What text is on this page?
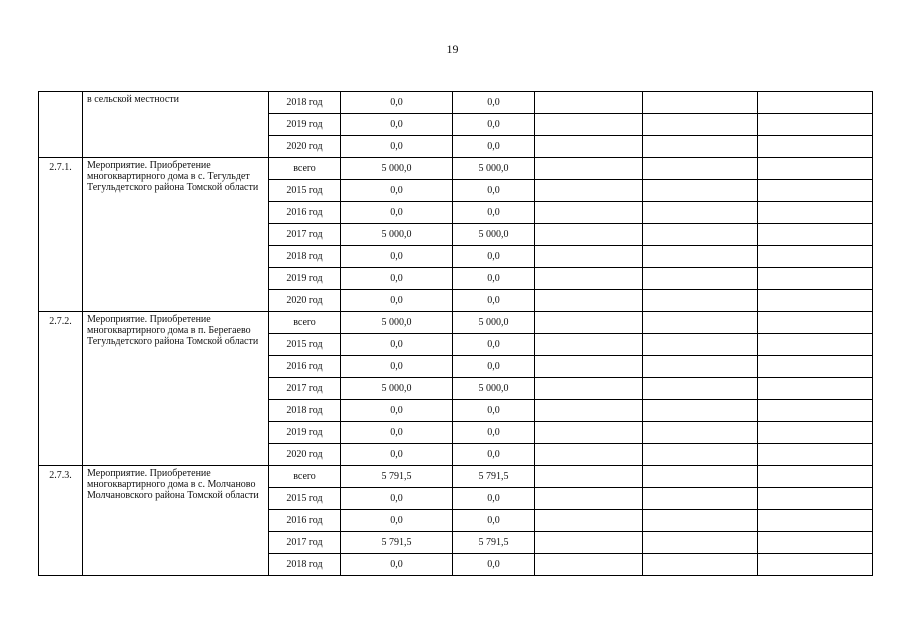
19
	в сельской местности	2018 год	0,0	0,0			
		2019 год	0,0	0,0			
		2020 год	0,0	0,0			
2.7.1.	Мероприятие. Приобретение многоквартирного дома в с. Тегульдет Тегульдетского района Томской области	всего	5 000,0	5 000,0			
		2015 год	0,0	0,0			
		2016 год	0,0	0,0			
		2017 год	5 000,0	5 000,0			
		2018 год	0,0	0,0			
		2019 год	0,0	0,0			
		2020 год	0,0	0,0			
2.7.2.	Мероприятие. Приобретение многоквартирного дома в п. Берегаево Тегульдетского района Томской области	всего	5 000,0	5 000,0			
		2015 год	0,0	0,0			
		2016 год	0,0	0,0			
		2017 год	5 000,0	5 000,0			
		2018 год	0,0	0,0			
		2019 год	0,0	0,0			
		2020 год	0,0	0,0			
2.7.3.	Мероприятие. Приобретение многоквартирного дома в с. Молчаново Молчановского района Томской области	всего	5 791,5	5 791,5			
		2015 год	0,0	0,0			
		2016 год	0,0	0,0			
		2017 год	5 791,5	5 791,5			
		2018 год	0,0	0,0			
